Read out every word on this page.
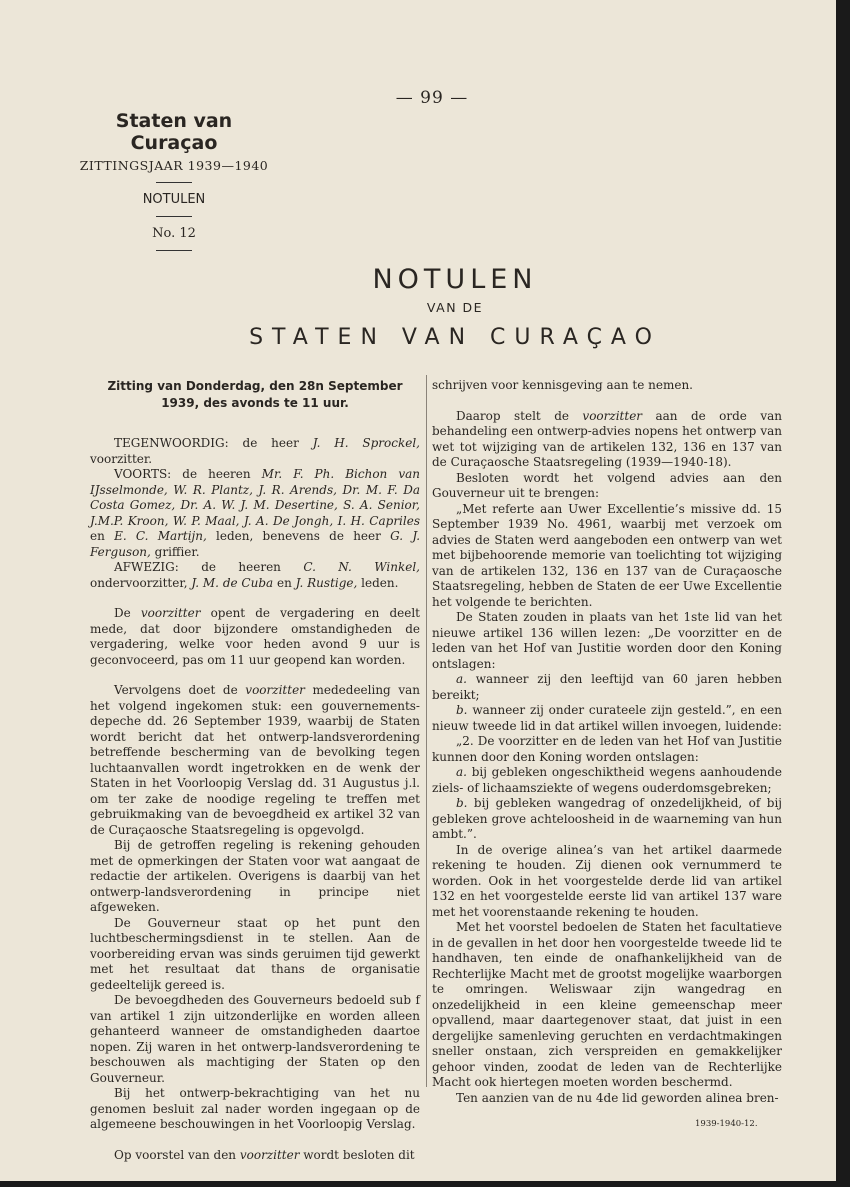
— 99 —
Staten van Curaçao
ZITTINGSJAAR 1939—1940
NOTULEN
No. 12
NOTULEN
VAN DE
STATEN VAN CURAÇAO
Zitting van Donderdag, den 28n September
1939, des avonds te 11 uur.

TEGENWOORDIG: de heer J. H. Sprockel, voorzitter.

VOORTS: de heeren Mr. F. Ph. Bichon van IJsselmonde, W. R. Plantz, J. R. Arends, Dr. M. F. Da Costa Gomez, Dr. A. W. J. M. Desertine, S. A. Senior, J.M.P. Kroon, W. P. Maal, J. A. De Jongh, I. H. Capriles en E. C. Martijn, leden, benevens de heer G. J. Ferguson, griffier.

AFWEZIG: de heeren C. N. Winkel, ondervoorzitter, J. M. de Cuba en J. Rustige, leden.

De voorzitter opent de vergadering en deelt mede, dat door bijzondere omstandigheden de vergadering, welke voor heden avond 9 uur is geconvoceerd, pas om 11 uur geopend kan worden.

Vervolgens doet de voorzitter mededeeling van het volgend ingekomen stuk: een gouvernements-depeche dd. 26 September 1939, waarbij de Staten wordt bericht dat het ontwerp-landsverordening betreffende bescherming van de bevolking tegen luchtaanvallen wordt ingetrokken en de wenk der Staten in het Voorloopig Verslag dd. 31 Augustus j.l. om ter zake de noodige regeling te treffen met gebruikmaking van de bevoegdheid ex artikel 32 van de Curaçaosche Staatsregeling is opgevolgd.

Bij de getroffen regeling is rekening gehouden met de opmerkingen der Staten voor wat aangaat de redactie der artikelen. Overigens is daarbij van het ontwerp-landsverordening in principe niet afgeweken.

De Gouverneur staat op het punt den luchtbeschermingsdienst in te stellen. Aan de voorbereiding ervan was sinds geruimen tijd gewerkt met het resultaat dat thans de organisatie gedeeltelijk gereed is.

De bevoegdheden des Gouverneurs bedoeld sub f van artikel 1 zijn uitzonderlijke en worden alleen gehanteerd wanneer de omstandigheden daartoe nopen. Zij waren in het ontwerp-landsverordening te beschouwen als machtiging der Staten op den Gouverneur.

Bij het ontwerp-bekrachtiging van het nu genomen besluit zal nader worden ingegaan op de algemeene beschouwingen in het Voorloopig Verslag.

Op voorstel van den voorzitter wordt besloten dit

schrijven voor kennisgeving aan te nemen.

Daarop stelt de voorzitter aan de orde van behandeling een ontwerp-advies nopens het ontwerp van wet tot wijziging van de artikelen 132, 136 en 137 van de Curaçaosche Staatsregeling (1939—1940-18).

Besloten wordt het volgend advies aan den Gouverneur uit te brengen:

„Met referte aan Uwer Excellentie’s missive dd. 15 September 1939 No. 4961, waarbij met verzoek om advies de Staten werd aangeboden een ontwerp van wet met bijbehoorende memorie van toelichting tot wijziging van de artikelen 132, 136 en 137 van de Curaçaosche Staatsregeling, hebben de Staten de eer Uwe Excellentie het volgende te berichten.

De Staten zouden in plaats van het 1ste lid van het nieuwe artikel 136 willen lezen: „De voorzitter en de leden van het Hof van Justitie worden door den Koning ontslagen:

a. wanneer zij den leeftijd van 60 jaren hebben bereikt;

b. wanneer zij onder curateele zijn gesteld.”, en een nieuw tweede lid in dat artikel willen invoegen, luidende:

„2. De voorzitter en de leden van het Hof van Justitie kunnen door den Koning worden ontslagen:

a. bij gebleken ongeschiktheid wegens aanhoudende ziels- of lichaamsziekte of wegens ouderdomsgebreken;

b. bij gebleken wangedrag of onzedelijkheid, of bij gebleken grove achteloosheid in de waarneming van hun ambt.”.

In de overige alinea’s van het artikel daarmede rekening te houden. Zij dienen ook vernummerd te worden. Ook in het voorgestelde derde lid van artikel 132 en het voorgestelde eerste lid van artikel 137 ware met het voorenstaande rekening te houden.

Met het voorstel bedoelen de Staten het facultatieve in de gevallen in het door hen voorgestelde tweede lid te handhaven, ten einde de onafhankelijkheid van de Rechterlijke Macht met de grootst mogelijke waarborgen te omringen. Weliswaar zijn wangedrag en onzedelijkheid in een kleine gemeenschap meer opvallend, maar daartegenover staat, dat juist in een dergelijke samenleving geruchten en verdachtmakingen sneller onstaan, zich verspreiden en gemakkelijker gehoor vinden, zoodat de leden van de Rechterlijke Macht ook hiertegen moeten worden beschermd.

Ten aanzien van de nu 4de lid geworden alinea bren-

1939-1940-12.
